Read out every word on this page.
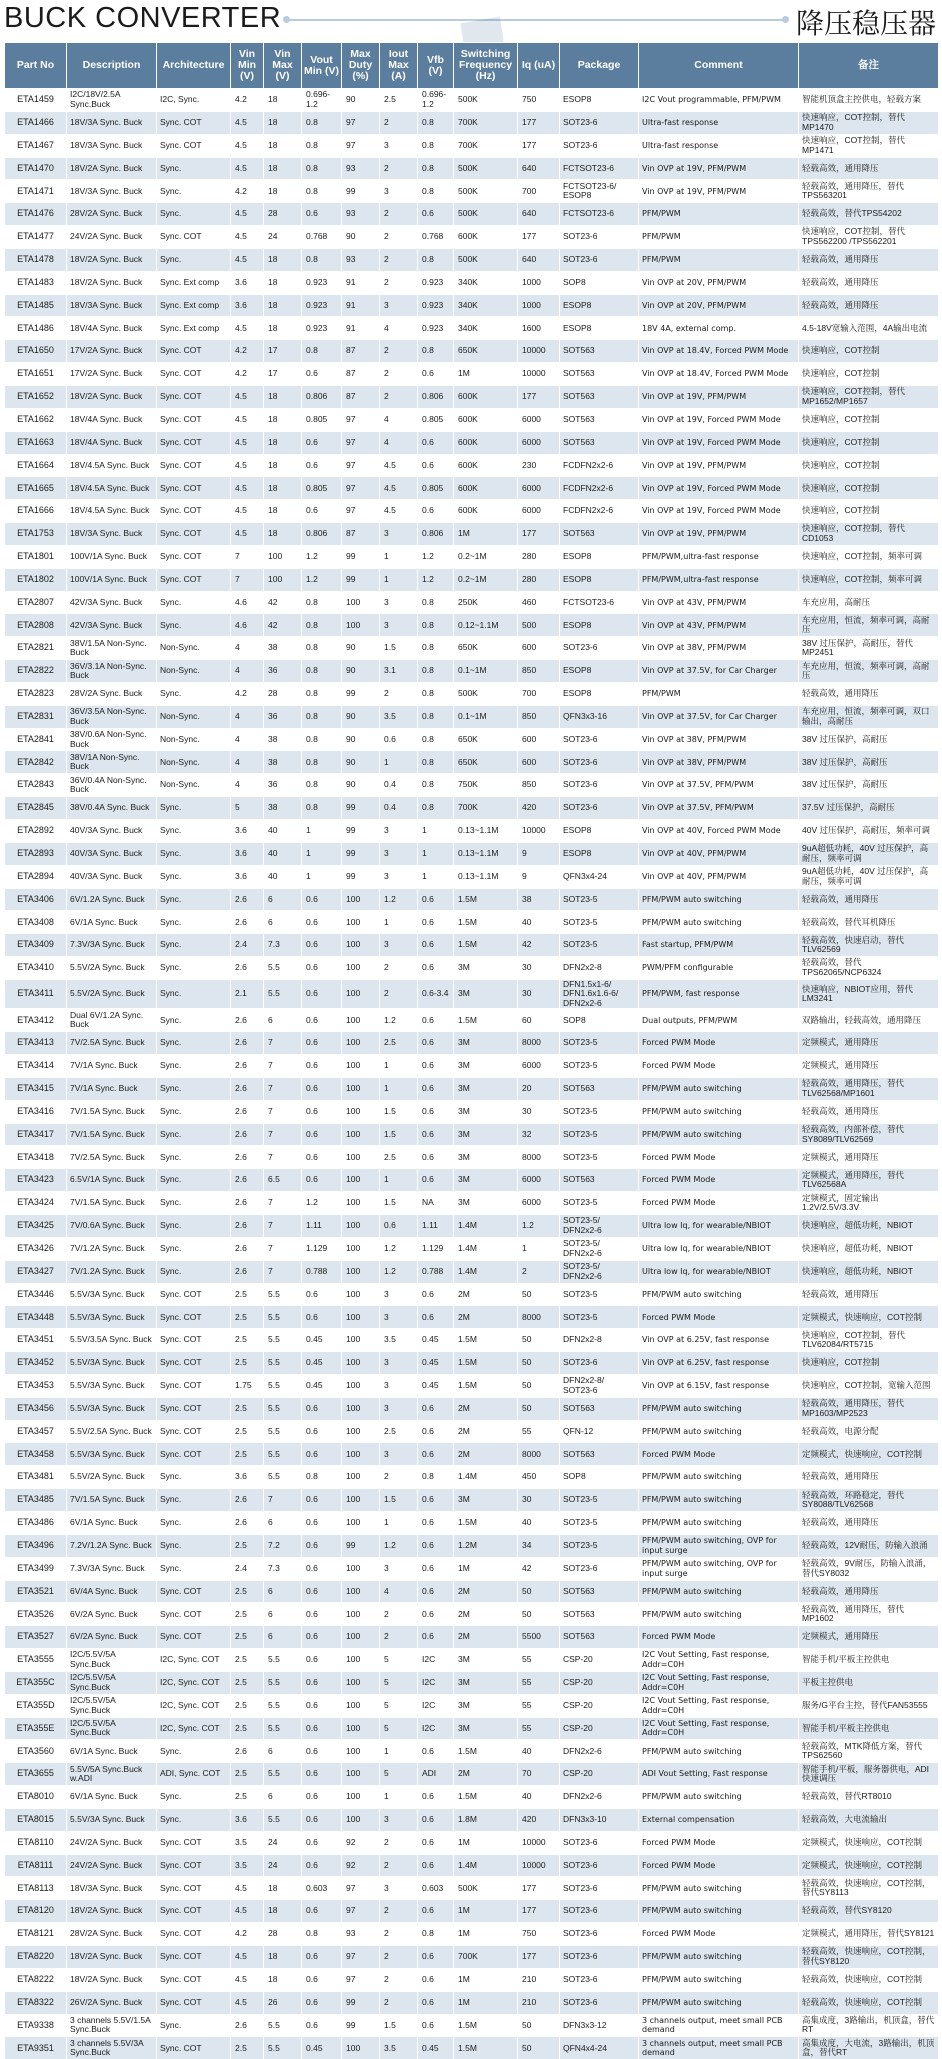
BUCK CONVERTER	降压稳压器
Part No	Description	Architecture	Vin Min (V)	Vin Max (V)	Vout Min (V)	Max Duty (%)	Iout Max (A)	Vfb (V)	Switching Frequency (Hz)	Iq (uA)	Package	Comment	备注
ETA1459	I2C/18V/2.5A Sync.Buck	I2C, Sync.	4.2	18	0.696-1.2	90	2.5	0.696-1.2	500K	750	ESOP8	I2C Vout programmable, PFM/PWM	智能机顶盒主控供电，轻载方案
ETA1466	18V/3A Sync. Buck	Sync. COT	4.5	18	0.8	97	2	0.8	700K	177	SOT23-6	Ultra-fast response	快速响应，COT控制，替代MP1470
ETA1467	18V/3A Sync. Buck	Sync. COT	4.5	18	0.8	97	3	0.8	700K	177	SOT23-6	Ultra-fast response	快速响应，COT控制，替代MP1471
ETA1470	18V/2A Sync. Buck	Sync.	4.5	18	0.8	93	2	0.8	500K	640	FCTSOT23-6	Vin OVP at 19V, PFM/PWM	轻载高效，通用降压
ETA1471	18V/3A Sync. Buck	Sync.	4.2	18	0.8	99	3	0.8	500K	700	FCTSOT23-6/ ESOP8	Vin OVP at 19V, PFM/PWM	轻载高效，通用降压，替代TPS563201
ETA1476	28V/2A Sync. Buck	Sync.	4.5	28	0.6	93	2	0.6	500K	640	FCTSOT23-6	PFM/PWM	轻载高效，替代TPS54202
ETA1477	24V/2A Sync. Buck	Sync. COT	4.5	24	0.768	90	2	0.768	600K	177	SOT23-6	PFM/PWM	快速响应，COT控制，替代TPS562200 /TPS562201
ETA1478	18V/2A Sync. Buck	Sync.	4.5	18	0.8	93	2	0.8	500K	640	SOT23-6	PFM/PWM	轻载高效，通用降压
ETA1483	18V/2A Sync. Buck	Sync. Ext comp	3.6	18	0.923	91	2	0.923	340K	1000	SOP8	Vin OVP at 20V, PFM/PWM	轻载高效，通用降压
ETA1485	18V/3A Sync. Buck	Sync. Ext comp	3.6	18	0.923	91	3	0.923	340K	1000	ESOP8	Vin OVP at 20V, PFM/PWM	轻载高效，通用降压
ETA1486	18V/4A Sync. Buck	Sync. Ext comp	4.5	18	0.923	91	4	0.923	340K	1600	ESOP8	18V 4A, external comp.	4.5-18V宽输入范围，4A输出电流
ETA1650	17V/2A Sync. Buck	Sync. COT	4.2	17	0.8	87	2	0.8	650K	10000	SOT563	Vin OVP at 18.4V, Forced PWM Mode	快速响应，COT控制
ETA1651	17V/2A Sync. Buck	Sync. COT	4.2	17	0.6	87	2	0.6	1M	10000	SOT563	Vin OVP at 18.4V, Forced PWM Mode	快速响应，COT控制
ETA1652	18V/2A Sync. Buck	Sync. COT	4.5	18	0.806	87	2	0.806	600K	177	SOT563	Vin OVP at 19V, PFM/PWM	快速响应，COT控制，替代MP1652/MP1657
ETA1662	18V/4A Sync. Buck	Sync. COT	4.5	18	0.805	97	4	0.805	600K	6000	SOT563	Vin OVP at 19V, Forced PWM Mode	快速响应，COT控制
ETA1663	18V/4A Sync. Buck	Sync. COT	4.5	18	0.6	97	4	0.6	600K	6000	SOT563	Vin OVP at 19V, Forced PWM Mode	快速响应，COT控制
ETA1664	18V/4.5A Sync. Buck	Sync. COT	4.5	18	0.6	97	4.5	0.6	600K	230	FCDFN2x2-6	Vin OVP at 19V, PFM/PWM	快速响应，COT控制
ETA1665	18V/4.5A Sync. Buck	Sync. COT	4.5	18	0.805	97	4.5	0.805	600K	6000	FCDFN2x2-6	Vin OVP at 19V, Forced PWM Mode	快速响应，COT控制
ETA1666	18V/4.5A Sync. Buck	Sync. COT	4.5	18	0.6	97	4.5	0.6	600K	6000	FCDFN2x2-6	Vin OVP at 19V, Forced PWM Mode	快速响应，COT控制
ETA1753	18V/3A Sync. Buck	Sync. COT	4.5	18	0.806	87	3	0.806	1M	177	SOT563	Vin OVP at 19V, PFM/PWM	快速响应，COT控制，替代CD1053
ETA1801	100V/1A Sync. Buck	Sync. COT	7	100	1.2	99	1	1.2	0.2~1M	280	ESOP8	PFM/PWM,ultra-fast response	快速响应，COT控制，频率可调
ETA1802	100V/1A Sync. Buck	Sync. COT	7	100	1.2	99	1	1.2	0.2~1M	280	ESOP8	PFM/PWM,ultra-fast response	快速响应，COT控制，频率可调
ETA2807	42V/3A Sync. Buck	Sync.	4.6	42	0.8	100	3	0.8	250K	460	FCTSOT23-6	Vin OVP at 43V, PFM/PWM	车充应用，高耐压
ETA2808	42V/3A Sync. Buck	Sync.	4.6	42	0.8	100	3	0.8	0.12~1.1M	500	ESOP8	Vin OVP at 43V, PFM/PWM	车充应用，恒流，频率可调，高耐压
ETA2821	38V/1.5A Non-Sync. Buck	Non-Sync.	4	38	0.8	90	1.5	0.8	650K	600	SOT23-6	Vin OVP at 38V, PFM/PWM	38V 过压保护，高耐压，替代MP2451
ETA2822	36V/3.1A Non-Sync. Buck	Non-Sync.	4	36	0.8	90	3.1	0.8	0.1~1M	850	ESOP8	Vin OVP at 37.5V, for Car Charger	车充应用，恒流，频率可调，高耐压
ETA2823	28V/2A Sync. Buck	Sync.	4.2	28	0.8	99	2	0.8	500K	700	ESOP8	PFM/PWM	轻载高效，通用降压
ETA2831	36V/3.5A Non-Sync. Buck	Non-Sync.	4	36	0.8	90	3.5	0.8	0.1~1M	850	QFN3x3-16	Vin OVP at 37.5V, for Car Charger	车充应用，恒流，频率可调，双口输出，高耐压
ETA2841	38V/0.6A Non-Sync. Buck	Non-Sync.	4	38	0.8	90	0.6	0.8	650K	600	SOT23-6	Vin OVP at 38V, PFM/PWM	38V 过压保护，高耐压
ETA2842	38V/1A Non-Sync. Buck	Non-Sync.	4	38	0.8	90	1	0.8	650K	600	SOT23-6	Vin OVP at 38V, PFM/PWM	38V 过压保护，高耐压
ETA2843	36V/0.4A Non-Sync. Buck	Non-Sync.	4	36	0.8	90	0.4	0.8	750K	850	SOT23-6	Vin OVP at 37.5V, PFM/PWM	38V 过压保护，高耐压
ETA2845	38V/0.4A Sync. Buck	Sync.	5	38	0.8	99	0.4	0.8	700K	420	SOT23-6	Vin OVP at 37.5V, PFM/PWM	37.5V 过压保护，高耐压
ETA2892	40V/3A Sync. Buck	Sync.	3.6	40	1	99	3	1	0.13~1.1M	10000	ESOP8	Vin OVP at 40V, Forced PWM Mode	40V 过压保护，高耐压，频率可调
ETA2893	40V/3A Sync. Buck	Sync.	3.6	40	1	99	3	1	0.13~1.1M	9	ESOP8	Vin OVP at 40V, PFM/PWM	9uA超低功耗，40V 过压保护，高耐压，频率可调
ETA2894	40V/3A Sync. Buck	Sync.	3.6	40	1	99	3	1	0.13~1.1M	9	QFN3x4-24	Vin OVP at 40V, PFM/PWM	9uA超低功耗，40V 过压保护，高耐压，频率可调
ETA3406	6V/1.2A Sync. Buck	Sync.	2.6	6	0.6	100	1.2	0.6	1.5M	38	SOT23-5	PFM/PWM auto switching	轻载高效，通用降压
ETA3408	6V/1A Sync. Buck	Sync.	2.6	6	0.6	100	1	0.6	1.5M	40	SOT23-5	PFM/PWM auto switching	轻载高效，替代耳机降压
ETA3409	7.3V/3A Sync. Buck	Sync.	2.4	7.3	0.6	100	3	0.6	1.5M	42	SOT23-5	Fast startup, PFM/PWM	轻载高效，快速启动，替代TLV62569
ETA3410	5.5V/2A Sync. Buck	Sync.	2.6	5.5	0.6	100	2	0.6	3M	30	DFN2x2-8	PWM/PFM configurable	轻载高效，替代TPS62065/NCP6324
ETA3411	5.5V/2A Sync. Buck	Sync.	2.1	5.5	0.6	100	2	0.6-3.4	3M	30	DFN1.5x1-6/ DFN1.6x1.6-6/ DFN2x2-6	PFM/PWM, fast response	快速响应，NBIOT应用，替代LM3241
ETA3412	Dual 6V/1.2A Sync. Buck	Sync.	2.6	6	0.6	100	1.2	0.6	1.5M	60	SOP8	Dual outputs, PFM/PWM	双路输出，轻载高效，通用降压
ETA3413	7V/2.5A Sync. Buck	Sync.	2.6	7	0.6	100	2.5	0.6	3M	8000	SOT23-5	Forced PWM Mode	定频模式，通用降压
ETA3414	7V/1A Sync. Buck	Sync.	2.6	7	0.6	100	1	0.6	3M	6000	SOT23-5	Forced PWM Mode	定频模式，通用降压
ETA3415	7V/1A Sync. Buck	Sync.	2.6	7	0.6	100	1	0.6	3M	20	SOT563	PFM/PWM auto switching	轻载高效，通用降压，替代TLV62568/MP1601
ETA3416	7V/1.5A Sync. Buck	Sync.	2.6	7	0.6	100	1.5	0.6	3M	30	SOT23-5	PFM/PWM auto switching	轻载高效，通用降压
ETA3417	7V/1.5A Sync. Buck	Sync.	2.6	7	0.6	100	1.5	0.6	3M	32	SOT23-5	PFM/PWM auto switching	轻载高效，内部补偿，替代SY8089/TLV62569
ETA3418	7V/2.5A Sync. Buck	Sync.	2.6	7	0.6	100	2.5	0.6	3M	8000	SOT23-5	Forced PWM Mode	定频模式，通用降压
ETA3423	6.5V/1A Sync. Buck	Sync.	2.6	6.5	0.6	100	1	0.6	3M	6000	SOT563	Forced PWM Mode	定频模式，通用降压，替代TLV62568A
ETA3424	7V/1.5A Sync. Buck	Sync.	2.6	7	1.2	100	1.5	NA	3M	6000	SOT23-5	Forced PWM Mode	定频模式，固定输出1.2V/2.5V/3.3V
ETA3425	7V/0.6A Sync. Buck	Sync.	2.6	7	1.11	100	0.6	1.11	1.4M	1.2	SOT23-5/ DFN2x2-6	Ultra low Iq, for wearable/NBIOT	快速响应，超低功耗，NBIOT
ETA3426	7V/1.2A Sync. Buck	Sync.	2.6	7	1.129	100	1.2	1.129	1.4M	1	SOT23-5/ DFN2x2-6	Ultra low Iq, for wearable/NBIOT	快速响应，超低功耗，NBIOT
ETA3427	7V/1.2A Sync. Buck	Sync.	2.6	7	0.788	100	1.2	0.788	1.4M	2	SOT23-5/ DFN2x2-6	Ultra low Iq, for wearable/NBIOT	快速响应，超低功耗，NBIOT
ETA3446	5.5V/3A Sync. Buck	Sync. COT	2.5	5.5	0.6	100	3	0.6	2M	50	SOT23-5	PFM/PWM auto switching	轻载高效，通用降压
ETA3448	5.5V/3A Sync. Buck	Sync. COT	2.5	5.5	0.6	100	3	0.6	2M	8000	SOT23-5	Forced PWM Mode	定频模式，快速响应，COT控制
ETA3451	5.5V/3.5A Sync. Buck	Sync. COT	2.5	5.5	0.45	100	3.5	0.45	1.5M	50	DFN2x2-8	Vin OVP at 6.25V, fast response	快速响应，COT控制，替代TLV62084/RT5715
ETA3452	5.5V/3A Sync. Buck	Sync. COT	2.5	5.5	0.45	100	3	0.45	1.5M	50	SOT23-6	Vin OVP at 6.25V, fast response	快速响应，COT控制
ETA3453	5.5V/3A Sync. Buck	Sync. COT	1.75	5.5	0.45	100	3	0.45	1.5M	50	DFN2x2-8/ SOT23-6	Vin OVP at 6.15V, fast response	快速响应，COT控制，宽输入范围
ETA3456	5.5V/3A Sync. Buck	Sync. COT	2.5	5.5	0.6	100	3	0.6	2M	50	SOT563	PFM/PWM auto switching	轻载高效，通用降压，替代MP1603/MP2523
ETA3457	5.5V/2.5A Sync. Buck	Sync. COT	2.5	5.5	0.6	100	2.5	0.6	2M	55	QFN-12	PFM/PWM auto switching	轻载高效，电源分配
ETA3458	5.5V/3A Sync. Buck	Sync. COT	2.5	5.5	0.6	100	3	0.6	2M	8000	SOT563	Forced PWM Mode	定频模式，快速响应，COT控制
ETA3481	5.5V/2A Sync. Buck	Sync.	3.6	5.5	0.8	100	2	0.8	1.4M	450	SOP8	PFM/PWM auto switching	轻载高效，通用降压
ETA3485	7V/1.5A Sync. Buck	Sync.	2.6	7	0.6	100	1.5	0.6	3M	30	SOT23-5	PFM/PWM auto switching	轻载高效，环路稳定，替代SY8088/TLV62568
ETA3486	6V/1A Sync. Buck	Sync.	2.6	6	0.6	100	1	0.6	1.5M	40	SOT23-5	PFM/PWM auto switching	轻载高效，通用降压
ETA3496	7.2V/1.2A Sync. Buck	Sync.	2.5	7.2	0.6	99	1.2	0.6	1.2M	34	SOT23-5	PFM/PWM auto switching, OVP for input surge	轻载高效，12V耐压，防输入浪涌
ETA3499	7.3V/3A Sync. Buck	Sync.	2.4	7.3	0.6	100	3	0.6	1M	42	SOT23-6	PFM/PWM auto switching, OVP for input surge	轻载高效，9V耐压，防输入浪涌，替代SY8032
ETA3521	6V/4A Sync. Buck	Sync. COT	2.5	6	0.6	100	4	0.6	2M	50	SOT563	PFM/PWM auto switching	轻载高效，通用降压
ETA3526	6V/2A Sync. Buck	Sync. COT	2.5	6	0.6	100	2	0.6	2M	50	SOT563	PFM/PWM auto switching	轻载高效，通用降压，替代MP1602
ETA3527	6V/2A Sync. Buck	Sync. COT	2.5	6	0.6	100	2	0.6	2M	5500	SOT563	Forced PWM Mode	定频模式，通用降压
ETA3555	I2C/5.5V/5A Sync.Buck	I2C, Sync. COT	2.5	5.5	0.6	100	5	I2C	3M	55	CSP-20	I2C Vout Setting, Fast response, Addr=C0H	智能手机/平板主控供电
ETA355C	I2C/5.5V/5A Sync.Buck	I2C, Sync. COT	2.5	5.5	0.6	100	5	I2C	3M	55	CSP-20	I2C Vout Setting, Fast response, Addr=C0H	平板主控供电
ETA355D	I2C/5.5V/5A Sync.Buck	I2C, Sync. COT	2.5	5.5	0.6	100	5	I2C	3M	55	CSP-20	I2C Vout Setting, Fast response, Addr=C0H	服务/G平台主控，替代FAN53555
ETA355E	I2C/5.5V/5A Sync.Buck	I2C, Sync. COT	2.5	5.5	0.6	100	5	I2C	3M	55	CSP-20	I2C Vout Setting, Fast response, Addr=C0H	智能手机/平板主控供电
ETA3560	6V/1A Sync. Buck	Sync.	2.6	6	0.6	100	1	0.6	1.5M	40	DFN2x2-6	PFM/PWM auto switching	轻载高效，MTK降低方案，替代 TPS62560
ETA3655	5.5V/5A Sync.Buck w.ADI	ADI, Sync. COT	2.5	5.5	0.6	100	5	ADI	2M	70	CSP-20	ADI Vout Setting, Fast response	智能手机/平板，服务器供电，ADI快速调压
ETA8010	6V/1A Sync. Buck	Sync.	2.5	6	0.6	100	1	0.6	1.5M	40	DFN2x2-6	PFM/PWM auto switching	轻载高效，替代RT8010
ETA8015	5.5V/3A Sync. Buck	Sync.	3.6	5.5	0.6	100	3	0.6	1.8M	420	DFN3x3-10	External compensation	轻载高效，大电流输出
ETA8110	24V/2A Sync. Buck	Sync. COT	3.5	24	0.6	92	2	0.6	1M	10000	SOT23-6	Forced PWM Mode	定频模式，快速响应，COT控制
ETA8111	24V/2A Sync. Buck	Sync. COT	3.5	24	0.6	92	2	0.6	1.4M	10000	SOT23-6	Forced PWM Mode	定频模式，快速响应，COT控制
ETA8113	18V/3A Sync. Buck	Sync. COT	4.5	18	0.603	97	3	0.603	500K	177	SOT23-6	PFM/PWM auto switching	轻载高效，快速响应，COT控制，替代SY8113
ETA8120	18V/2A Sync. Buck	Sync. COT	4.5	18	0.6	97	2	0.6	1M	177	SOT23-6	PFM/PWM auto switching	轻载高效，替代SY8120
ETA8121	28V/2A Sync. Buck	Sync. COT	4.2	28	0.8	93	2	0.8	1M	750	SOT23-6	Forced PWM Mode	定频模式，通用降压，替代SY8121
ETA8220	18V/2A Sync. Buck	Sync. COT	4.5	18	0.6	97	2	0.6	700K	177	SOT23-6	PFM/PWM auto switching	轻载高效，快速响应，COT控制，替代SY8120
ETA8222	18V/2A Sync. Buck	Sync. COT	4.5	18	0.6	97	2	0.6	1M	210	SOT23-6	PFM/PWM auto switching	轻载高效，快速响应，COT控制
ETA8322	26V/2A Sync. Buck	Sync. COT	4.5	26	0.6	99	2	0.6	1M	210	SOT23-6	PFM/PWM auto switching	轻载高效，快速响应，COT控制
ETA9338	3 channels 5.5V/1.5A Sync.Buck	Sync.	2.6	5.5	0.6	99	1.5	0.6	1.5M	50	DFN3x3-12	3 channels output, meet small PCB demand	高集成度，3路输出，机顶盒，替代RT
ETA9351	3 channels 5.5V/3A Sync.Buck	Sync. COT	2.5	5.5	0.45	100	3.5	0.45	1.5M	50	QFN4x4-24	3 channels output, meet small PCB demand	高集成度，大电流，3路输出，机顶盒，替代RT
